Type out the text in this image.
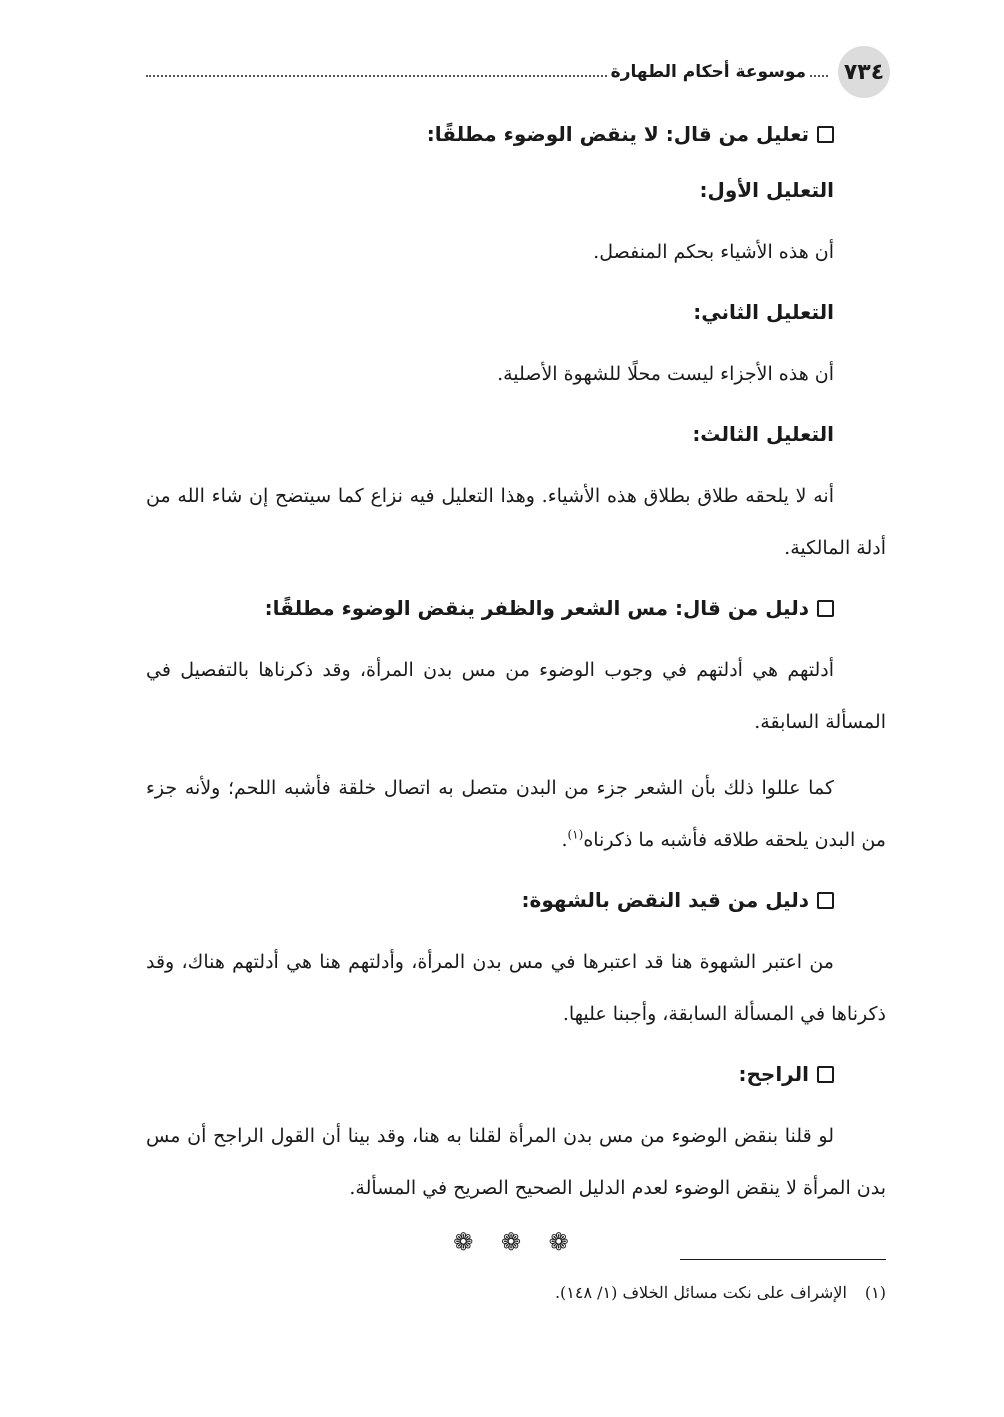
٧٣٤
موسوعة أحكام الطهارة
تعليل من قال: لا ينقض الوضوء مطلقًا:
التعليل الأول:

أن هذه الأشياء بحكم المنفصل.

التعليل الثاني:

أن هذه الأجزاء ليست محلًا للشهوة الأصلية.

التعليل الثالث:

أنه لا يلحقه طلاق بطلاق هذه الأشياء. وهذا التعليل فيه نزاع كما سيتضح إن شاء الله من أدلة المالكية.

دليل من قال: مس الشعر والظفر ينقض الوضوء مطلقًا:

أدلتهم هي أدلتهم في وجوب الوضوء من مس بدن المرأة، وقد ذكرناها بالتفصيل في المسألة السابقة.

كما عللوا ذلك بأن الشعر جزء من البدن متصل به اتصال خلقة فأشبه اللحم؛ ولأنه جزء من البدن يلحقه طلاقه فأشبه ما ذكرناه$^{(١)}$.

دليل من قيد النقض بالشهوة:

من اعتبر الشهوة هنا قد اعتبرها في مس بدن المرأة، وأدلتهم هنا هي أدلتهم هناك، وقد ذكرناها في المسألة السابقة، وأجبنا عليها.

الراجح:

لو قلنا بنقض الوضوء من مس بدن المرأة لقلنا به هنا، وقد بينا أن القول الراجح أن مس بدن المرأة لا ينقض الوضوء لعدم الدليل الصحيح الصريح في المسألة.

❁ ❁ ❁
(١)الإشراف على نكت مسائل الخلاف (١/ ١٤٨).
